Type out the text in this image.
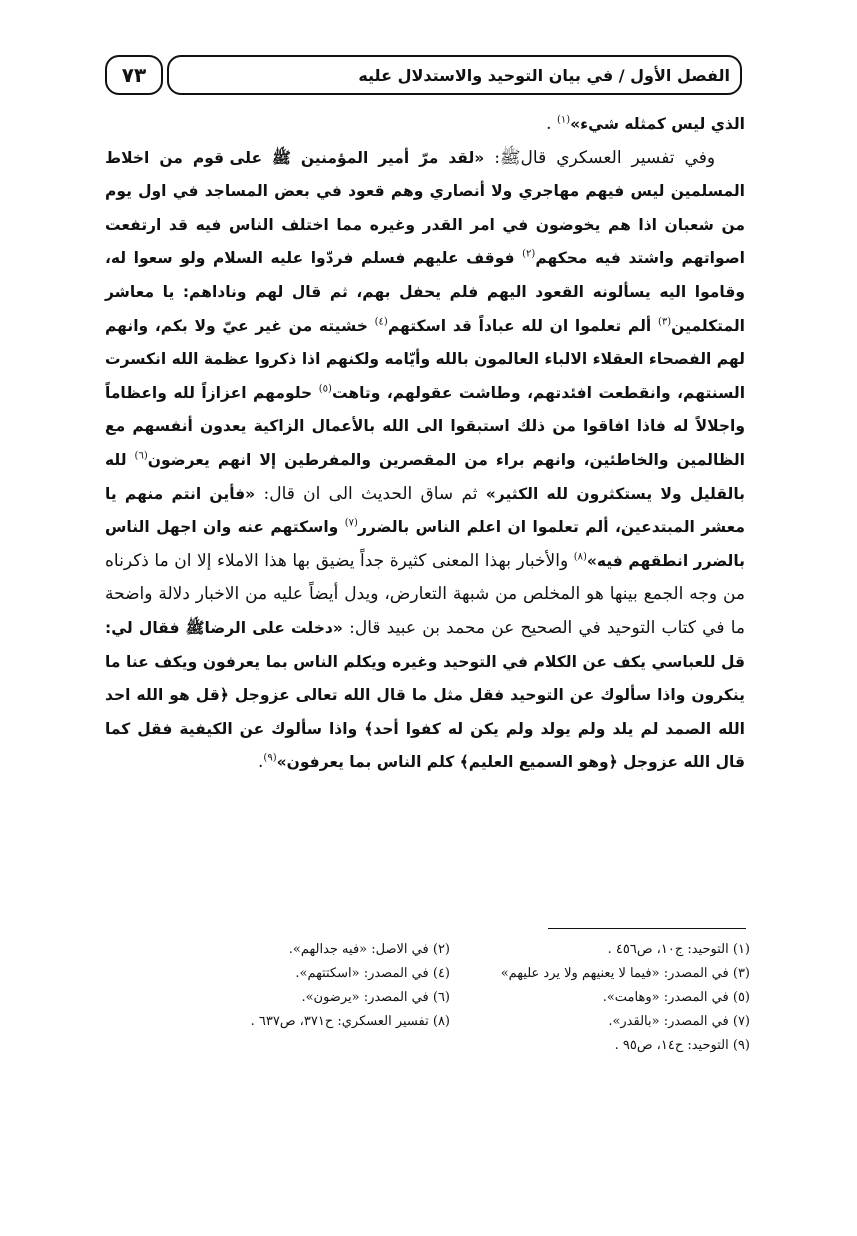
٧٣	الفصل الأول / في بيان التوحيد والاستدلال عليه

الذي ليس كمثله شيء»$^{(١)}$ .

وفي تفسير العسكري قالﷺ: «لقد مرّ أمير المؤمنين ﷺ على قوم من اخلاط المسلمين ليس فيهم مهاجري ولا أنصاري وهم قعود في بعض المساجد في اول يوم من شعبان اذا هم يخوضون في امر القدر وغيره مما اختلف الناس فيه قد ارتفعت اصواتهم واشتد فيه محكهم$^{(٢)}$ فوقف عليهم فسلم فردّوا عليه السلام ولو سعوا له، وقاموا اليه يسألونه القعود اليهم فلم يحفل بهم، ثم قال لهم وناداهم: يا معاشر المتكلمين$^{(٣)}$ ألم تعلموا ان لله عباداً قد اسكتهم$^{(٤)}$ خشيته من غير عيّ ولا بكم، وانهم لهم الفصحاء العقلاء الالباء العالمون بالله وأيّامه ولكنهم اذا ذكروا عظمة الله انكسرت السنتهم، وانقطعت افئدتهم، وطاشت عقولهم، وتاهت$^{(٥)}$ حلومهم اعزازاً لله واعظاماً واجلالاً له فاذا افاقوا من ذلك استبقوا الى الله بالأعمال الزاكية يعدون أنفسهم مع الظالمين والخاطئين، وانهم براء من المقصرين والمفرطين إلا انهم يعرضون$^{(٦)}$ لله بالقليل ولا يستكثرون لله الكثير» ثم ساق الحديث الى ان قال: «فأين انتم منهم يا معشر المبتدعين، ألم تعلموا ان اعلم الناس بالضرر$^{(٧)}$ واسكتهم عنه وان اجهل الناس بالضرر انطقهم فيه»$^{(٨)}$ والأخبار بهذا المعنى كثيرة جداً يضيق بها هذا الاملاء إلا ان ما ذكرناه من وجه الجمع بينها هو المخلص من شبهة التعارض، ويدل أيضاً عليه من الاخبار دلالة واضحة ما في كتاب التوحيد في الصحيح عن محمد بن عبيد قال: «دخلت على الرضاﷺ فقال لي: قل للعباسي يكف عن الكلام في التوحيد وغيره ويكلم الناس بما يعرفون ويكف عنا ما ينكرون واذا سألوك عن التوحيد فقل مثل ما قال الله تعالى عزوجل ﴿قل هو الله احد الله الصمد لم يلد ولم يولد ولم يكن له كفوا أحد﴾ واذا سألوك عن الكيفية فقل كما قال الله عزوجل ﴿وهو السميع العليم﴾ كلم الناس بما يعرفون»$^{(٩)}$.

(١) التوحيد: ج١٠، ص٤٥٦ .
(٢) في الاصل: «فيه جدالهم».
(٣) في المصدر: «فيما لا يعنيهم ولا يرد عليهم»
(٤) في المصدر: «اسكتتهم».
(٥) في المصدر: «وهامت».
(٦) في المصدر: «يرضون».
(٧) في المصدر: «بالقدر».
(٨) تفسير العسكري: ح٣٧١، ص٦٣٧ .
(٩) التوحيد: ح١٤، ص٩٥ .
